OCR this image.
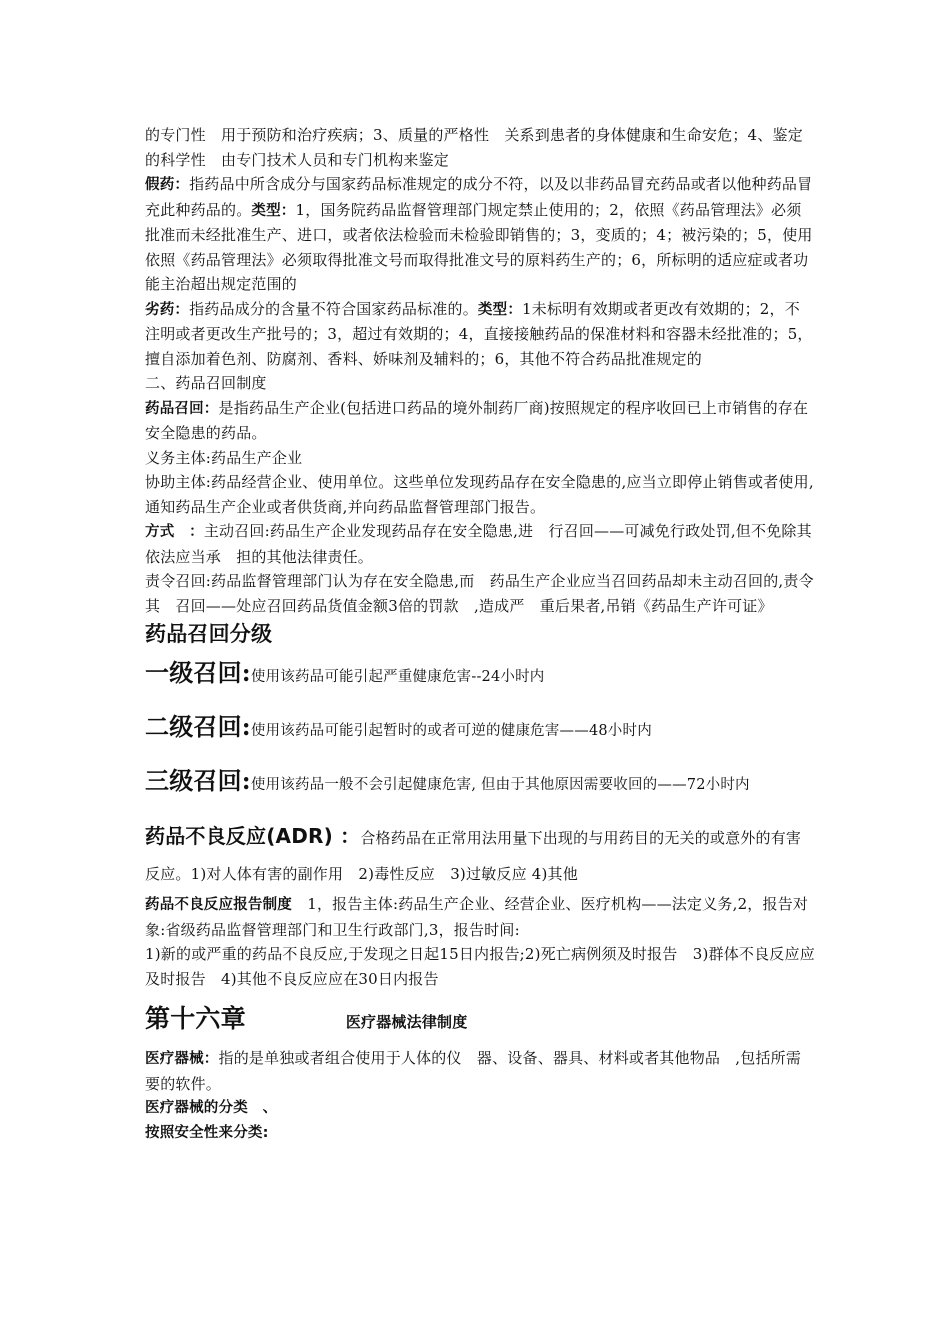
的专门性　用于预防和治疗疾病；3、质量的严格性　关系到患者的身体健康和生命安危；4、鉴定的科学性　由专门技术人员和专门机构来鉴定

假药：指药品中所含成分与国家药品标准规定的成分不符，以及以非药品冒充药品或者以他种药品冒充此种药品的。类型：1，国务院药品监督管理部门规定禁止使用的；2，依照《药品管理法》必须批准而未经批准生产、进口，或者依法检验而未检验即销售的；3，变质的；4；被污染的；5，使用依照《药品管理法》必须取得批准文号而取得批准文号的原料药生产的；6，所标明的适应症或者功能主治超出规定范围的

劣药：指药品成分的含量不符合国家药品标准的。类型：1未标明有效期或者更改有效期的；2，不注明或者更改生产批号的；3，超过有效期的；4，直接接触药品的保准材料和容器未经批准的；5，擅自添加着色剂、防腐剂、香料、娇味剂及辅料的；6，其他不符合药品批准规定的

二、药品召回制度

药品召回：是指药品生产企业(包括进口药品的境外制药厂商)按照规定的程序收回已上市销售的存在安全隐患的药品。

义务主体:药品生产企业

协助主体:药品经营企业、使用单位。这些单位发现药品存在安全隐患的,应当立即停止销售或者使用,通知药品生产企业或者供货商,并向药品监督管理部门报告。

方式　：主动召回:药品生产企业发现药品存在安全隐患,进　行召回——可减免行政处罚,但不免除其依法应当承　担的其他法律责任。

责令召回:药品监督管理部门认为存在安全隐患,而　药品生产企业应当召回药品却未主动召回的,责令其　召回——处应召回药品货值金额3倍的罚款　,造成严　重后果者,吊销《药品生产许可证》

药品召回分级

一级召回:使用该药品可能引起严重健康危害--24小时内

二级召回:使用该药品可能引起暂时的或者可逆的健康危害——48小时内

三级召回:使用该药品一般不会引起健康危害, 但由于其他原因需要收回的——72小时内

药品不良反应(ADR) ：合格药品在正常用法用量下出现的与用药目的无关的或意外的有害反应。1)对人体有害的副作用　2)毒性反应　3)过敏反应 4)其他

药品不良反应报告制度　1，报告主体:药品生产企业、经营企业、医疗机构——法定义务,2，报告对象:省级药品监督管理部门和卫生行政部门,3，报告时间:

1)新的或严重的药品不良反应,于发现之日起15日内报告;2)死亡病例须及时报告　3)群体不良反应应及时报告　4)其他不良反应应在30日内报告

第十六章	医疗器械法律制度

医疗器械：指的是单独或者组合使用于人体的仪　器、设备、器具、材料或者其他物品　,包括所需要的软件。

医疗器械的分类　、

按照安全性来分类:
